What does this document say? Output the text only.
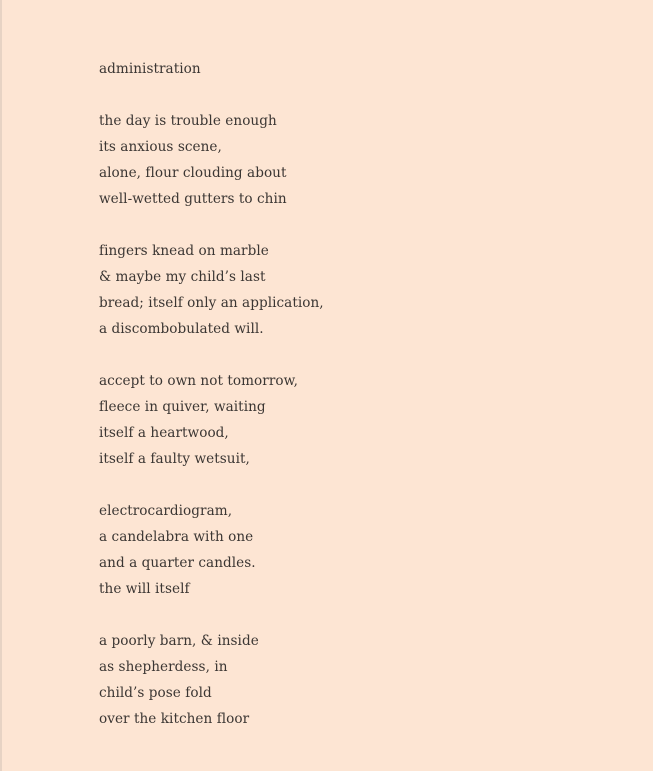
administration
the day is trouble enough
its anxious scene,
alone, flour clouding about
well-wetted gutters to chin
fingers knead on marble
& maybe my child’s last
bread; itself only an application,
a discombobulated will.
accept to own not tomorrow,
fleece in quiver, waiting
itself a heartwood,
itself a faulty wetsuit,
electrocardiogram,
a candelabra with one
and a quarter candles.
the will itself
a poorly barn, & inside
as shepherdess, in
child’s pose fold
over the kitchen floor
